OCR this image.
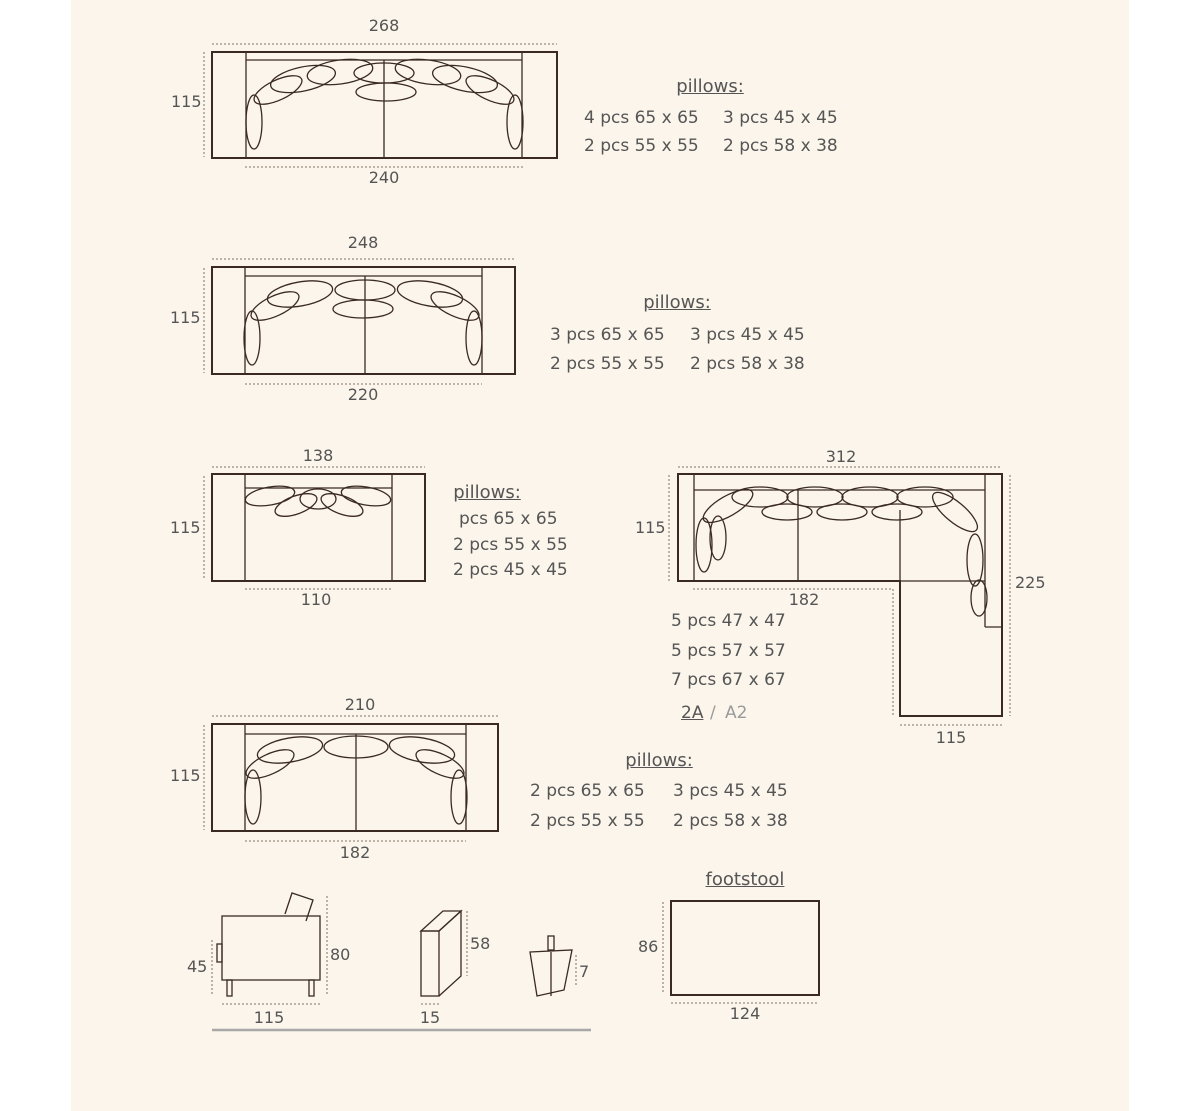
268
115
240
pillows:
4 pcs 65 x 65 3 pcs 45 x 45
2 pcs 55 x 55 2 pcs 58 x 38
248
115
220
pillows:
3 pcs 65 x 65 3 pcs 45 x 45
2 pcs 55 x 55 2 pcs 58 x 38
138
115
110
pillows:
pcs 65 x 65
2 pcs 55 x 55
2 pcs 45 x 45
312
115
182
225
115
5 pcs 47 x 47
5 pcs 57 x 57
7 pcs 67 x 67
2A / A2
210
115
182
pillows:
2 pcs 65 x 65 3 pcs 45 x 45
2 pcs 55 x 55 2 pcs 58 x 38
45
80
115
58
15
7
footstool
86
124
